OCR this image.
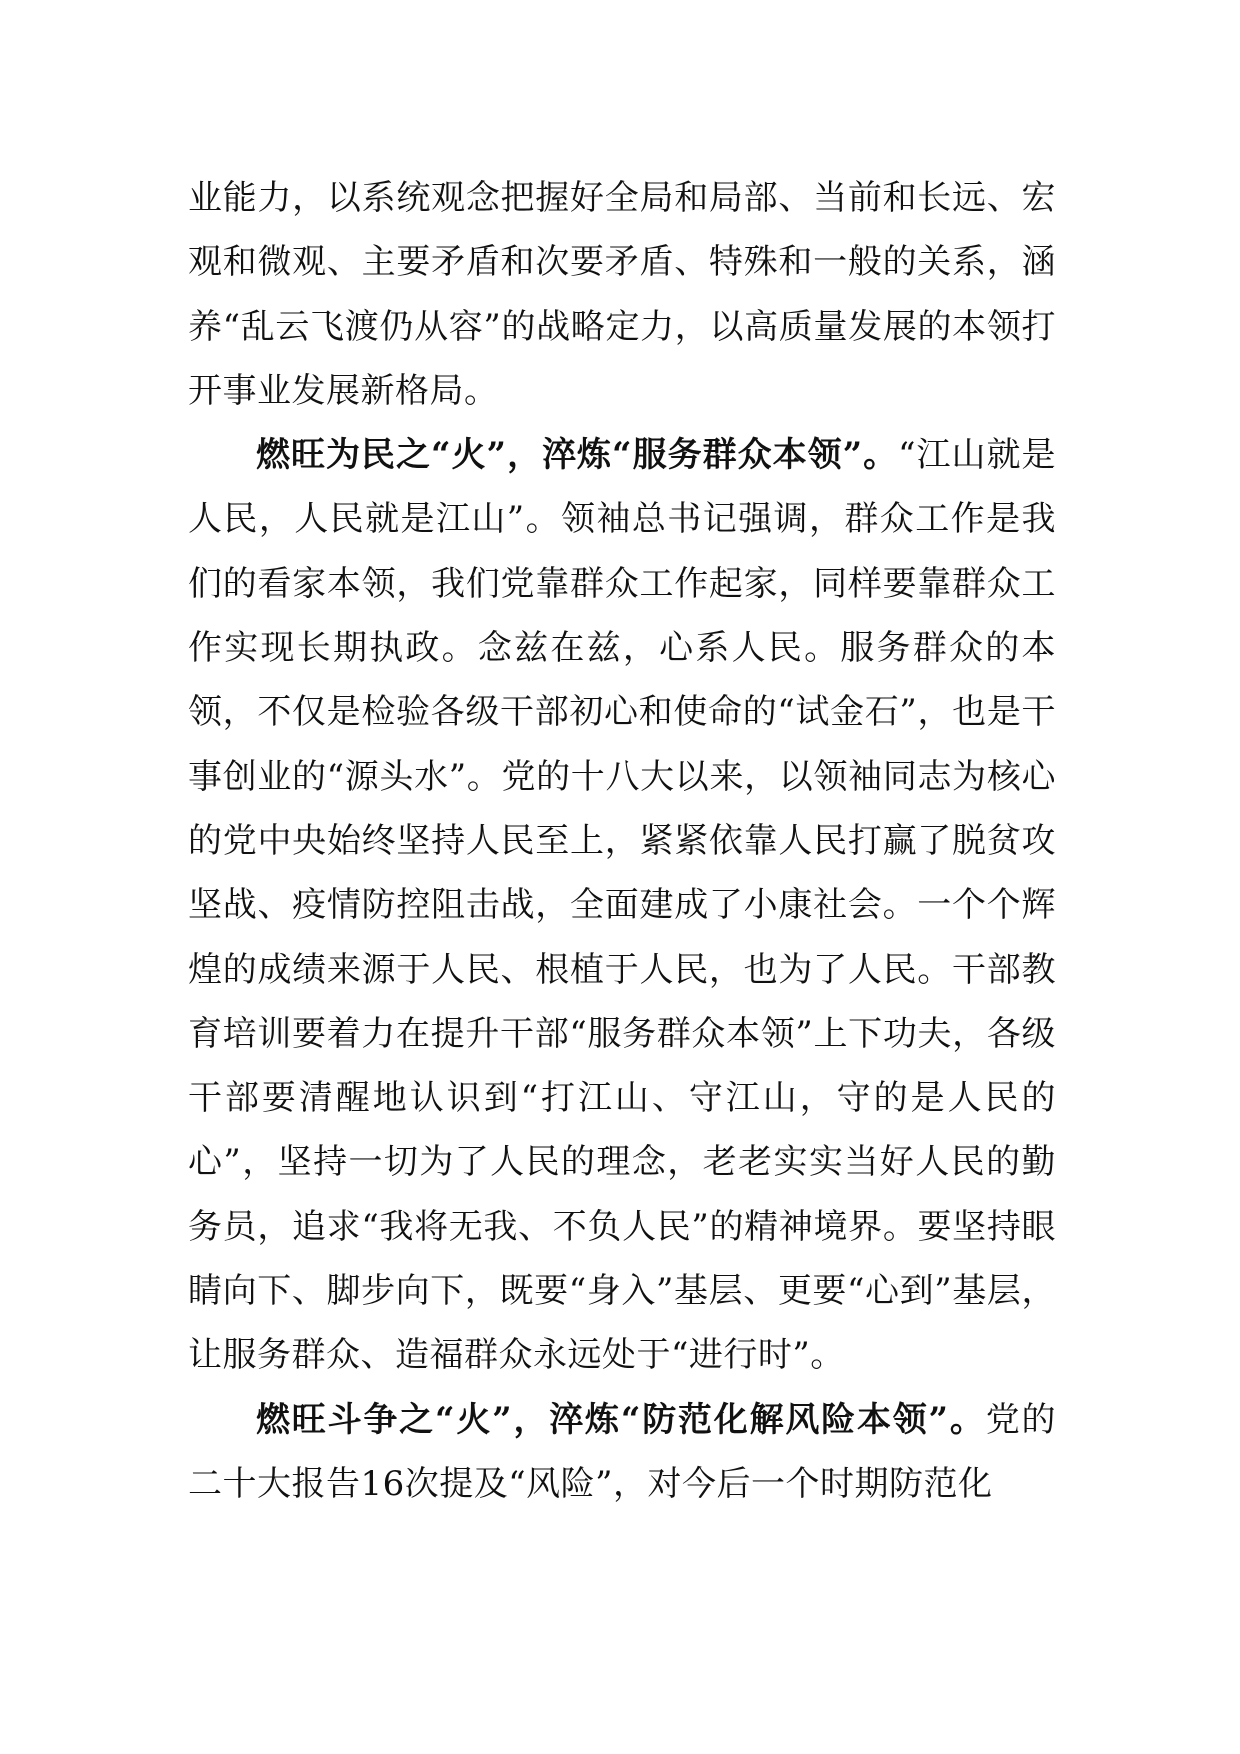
业能力，以系统观念把握好全局和局部、当前和长远、宏观和微观、主要矛盾和次要矛盾、特殊和一般的关系，涵养“乱云飞渡仍从容”的战略定力，以高质量发展的本领打开事业发展新格局。

燃旺为民之“火”，淬炼“服务群众本领”。“江山就是人民，人民就是江山”。领袖总书记强调，群众工作是我们的看家本领，我们党靠群众工作起家，同样要靠群众工作实现长期执政。念兹在兹，心系人民。服务群众的本领，不仅是检验各级干部初心和使命的“试金石”，也是干事创业的“源头水”。党的十八大以来，以领袖同志为核心的党中央始终坚持人民至上，紧紧依靠人民打赢了脱贫攻坚战、疫情防控阻击战，全面建成了小康社会。一个个辉煌的成绩来源于人民、根植于人民，也为了人民。干部教育培训要着力在提升干部“服务群众本领”上下功夫，各级干部要清醒地认识到“打江山、守江山，守的是人民的心”，坚持一切为了人民的理念，老老实实当好人民的勤务员，追求“我将无我、不负人民”的精神境界。要坚持眼睛向下、脚步向下，既要“身入”基层、更要“心到”基层，让服务群众、造福群众永远处于“进行时”。

燃旺斗争之“火”，淬炼“防范化解风险本领”。党的二十大报告16次提及“风险”，对今后一个时期防范化
